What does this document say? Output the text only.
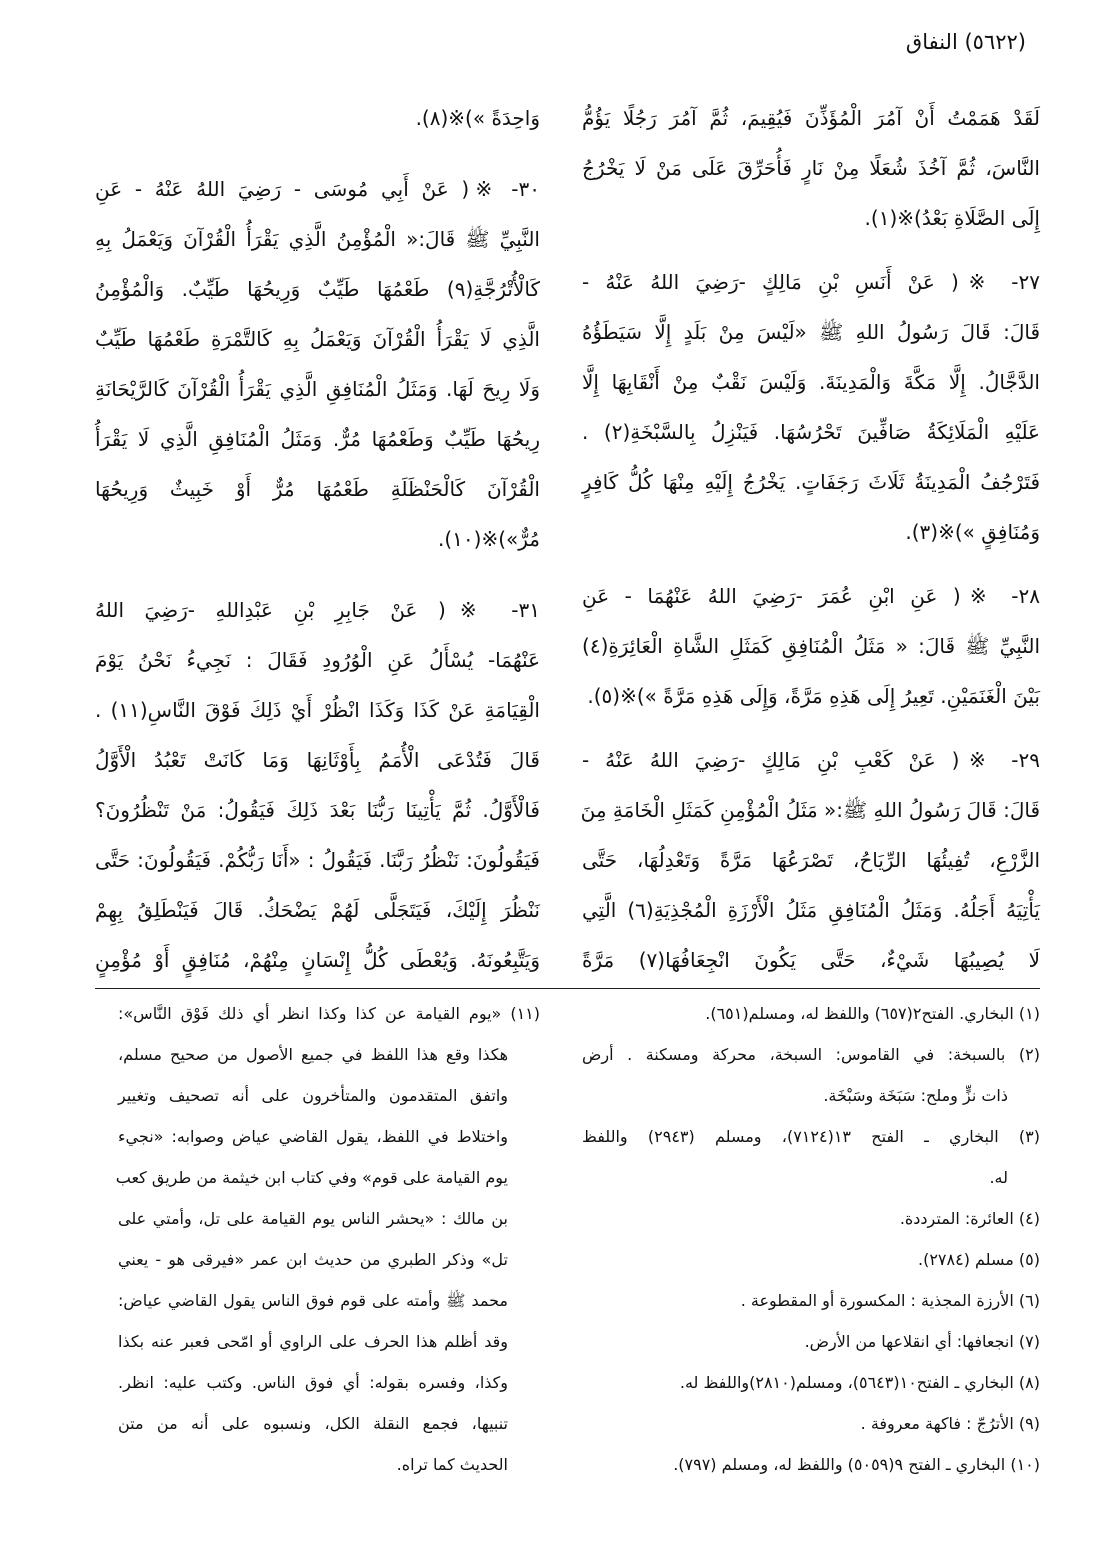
(٥٦٢٢) النفاق
لَقَدْ هَمَمْتُ أَنْ آمُرَ الْمُؤَذِّنَ فَيُقِيمَ، ثُمَّ آمُرَ رَجُلًا يَؤُمُّ
النَّاسَ، ثُمَّ آخُذَ شُعَلًا مِنْ نَارٍ فَأُحَرِّقَ عَلَى مَنْ لَا يَخْرُجُ
إِلَى الصَّلَاةِ بَعْدُ)※(١).
٢٧- ※( عَنْ أَنَسِ بْنِ مَالِكٍ -رَضِيَ اللهُ عَنْهُ -
قَالَ: قَالَ رَسُولُ اللهِ ﷺ «لَيْسَ مِنْ بَلَدٍ إِلَّا سَيَطَؤُهُ
الدَّجَّالُ. إِلَّا مَكَّةَ وَالْمَدِينَةَ. وَلَيْسَ نَقْبٌ مِنْ أَنْقَابِهَا إِلَّا
عَلَيْهِ الْمَلَائِكَةُ صَافِّينَ تَحْرُسُهَا. فَيَنْزِلُ بِالسَّبْخَةِ(٢) .
فَتَرْجُفُ الْمَدِينَةُ ثَلَاثَ رَجَفَاتٍ. يَخْرُجُ إِلَيْهِ مِنْهَا كُلُّ كَافِرٍ
وَمُنَافِقٍ »)※(٣).
٢٨- ※( عَنِ ابْنِ عُمَرَ -رَضِيَ اللهُ عَنْهُمَا - عَنِ
النَّبِيِّ ﷺ قَالَ: « مَثَلُ الْمُنَافِقِ كَمَثَلِ الشَّاةِ الْعَائِرَةِ(٤)
بَيْنَ الْغَنَمَيْنِ. تَعِيرُ إِلَى هَذِهِ مَرَّةً، وَإِلَى هَذِهِ مَرَّةً »)※(٥).
٢٩- ※( عَنْ كَعْبِ بْنِ مَالِكٍ -رَضِيَ اللهُ عَنْهُ -
قَالَ: قَالَ رَسُولُ اللهِ ﷺ:« مَثَلُ الْمُؤْمِنِ كَمَثَلِ الْخَامَةِ مِنَ
الزَّرْعِ، تُفِيئُهَا الرِّيَاحُ، تَصْرَعُهَا مَرَّةً وَتَعْدِلُهَا، حَتَّى
يَأْتِيَهُ أَجَلُهُ. وَمَثَلُ الْمُنَافِقِ مَثَلُ الْأَرْزَةِ الْمُجْذِيَةِ(٦) الَّتِي
لَا يُصِيبُهَا شَيْءٌ، حَتَّى يَكُونَ انْجِعَافُهَا(٧) مَرَّةً
وَاحِدَةً »)※(٨).
٣٠- ※( عَنْ أَبِي مُوسَى - رَضِيَ اللهُ عَنْهُ - عَنِ
النَّبِيِّ ﷺ قَالَ:« الْمُؤْمِنُ الَّذِي يَقْرَأُ الْقُرْآنَ وَيَعْمَلُ بِهِ
كَالْأُتْرُجَّةِ(٩) طَعْمُهَا طَيِّبٌ وَرِيحُهَا طَيِّبٌ. وَالْمُؤْمِنُ
الَّذِي لَا يَقْرَأُ الْقُرْآنَ وَيَعْمَلُ بِهِ كَالتَّمْرَةِ طَعْمُهَا طَيِّبٌ
وَلَا رِيحَ لَهَا. وَمَثَلُ الْمُنَافِقِ الَّذِي يَقْرَأُ الْقُرْآنَ كَالرَّيْحَانَةِ
رِيحُهَا طَيِّبٌ وَطَعْمُهَا مُرٌّ. وَمَثَلُ الْمُنَافِقِ الَّذِي لَا يَقْرَأُ
الْقُرْآنَ كَالْحَنْظَلَةِ طَعْمُهَا مُرٌّ أَوْ خَبِيثٌ وَرِيحُهَا
مُرٌّ»)※(١٠).
٣١- ※( عَنْ جَابِرِ بْنِ عَبْدِاللهِ -رَضِيَ اللهُ
عَنْهُمَا- يُسْأَلُ عَنِ الْوُرُودِ فَقَالَ : نَجِيءُ نَحْنُ يَوْمَ
الْقِيَامَةِ عَنْ كَذَا وَكَذَا انْظُرْ أَيْ ذَلِكَ فَوْقَ النَّاسِ(١١) .
قَالَ فَتُدْعَى الْأُمَمُ بِأَوْثَانِهَا وَمَا كَانَتْ تَعْبُدُ الْأَوَّلُ
فَالْأَوَّلُ. ثُمَّ يَأْتِينَا رَبُّنَا بَعْدَ ذَلِكَ فَيَقُولُ: مَنْ تَنْظُرُونَ؟
فَيَقُولُونَ: نَنْظُرُ رَبَّنَا. فَيَقُولُ : «أَنَا رَبُّكُمْ. فَيَقُولُونَ: حَتَّى
نَنْظُرَ إِلَيْكَ، فَيَتَجَلَّى لَهُمْ يَضْحَكُ. قَالَ فَيَنْطَلِقُ بِهِمْ
وَيَتَّبِعُونَهُ. وَيُعْطَى كُلُّ إِنْسَانٍ مِنْهُمْ، مُنَافِقٍ أَوْ مُؤْمِنٍ
(١) البخاري. الفتح٢(٦٥٧) واللفظ له، ومسلم(٦٥١).
(٢) بالسبخة: في القاموس: السبخة، محركة ومسكنة . أرض
ذات نزٍّ وملح: سَبَخَة وسَبْخَة.
(٣) البخاري ـ الفتح ١٣(٧١٢٤)، ومسلم (٢٩٤٣) واللفظ
له.
(٤) العائرة: المترددة.
(٥) مسلم (٢٧٨٤).
(٦) الأرزة المجذية : المكسورة أو المقطوعة .
(٧) انجعافها: أي انقلاعها من الأرض.
(٨) البخاري ـ الفتح١٠(٥٦٤٣)، ومسلم(٢٨١٠)واللفظ له.
(٩) الأترُجّ : فاكهة معروفة .
(١٠) البخاري ـ الفتح ٩(٥٠٥٩) واللفظ له، ومسلم (٧٩٧).
(١١) «يوم القيامة عن كذا وكذا انظر أي ذلك فَوْق النَّاس»:
هكذا وقع هذا اللفظ في جميع الأصول من صحيح مسلم،
واتفق المتقدمون والمتأخرون على أنه تصحيف وتغيير
واختلاط في اللفظ، يقول القاضي عياض وصوابه: «نجيء
يوم القيامة على قوم» وفي كتاب ابن خيثمة من طريق كعب
بن مالك : «يحشر الناس يوم القيامة على تل، وأمتي على
تل» وذكر الطبري من حديث ابن عمر «فيرقى هو - يعني
محمد ﷺ وأمته على قوم فوق الناس يقول القاضي عياض:
وقد أظلم هذا الحرف على الراوي أو امّحى فعبر عنه بكذا
وكذا، وفسره بقوله: أي فوق الناس. وكتب عليه: انظر.
تنبيها، فجمع النقلة الكل، ونسبوه على أنه من متن
الحديث كما تراه.
